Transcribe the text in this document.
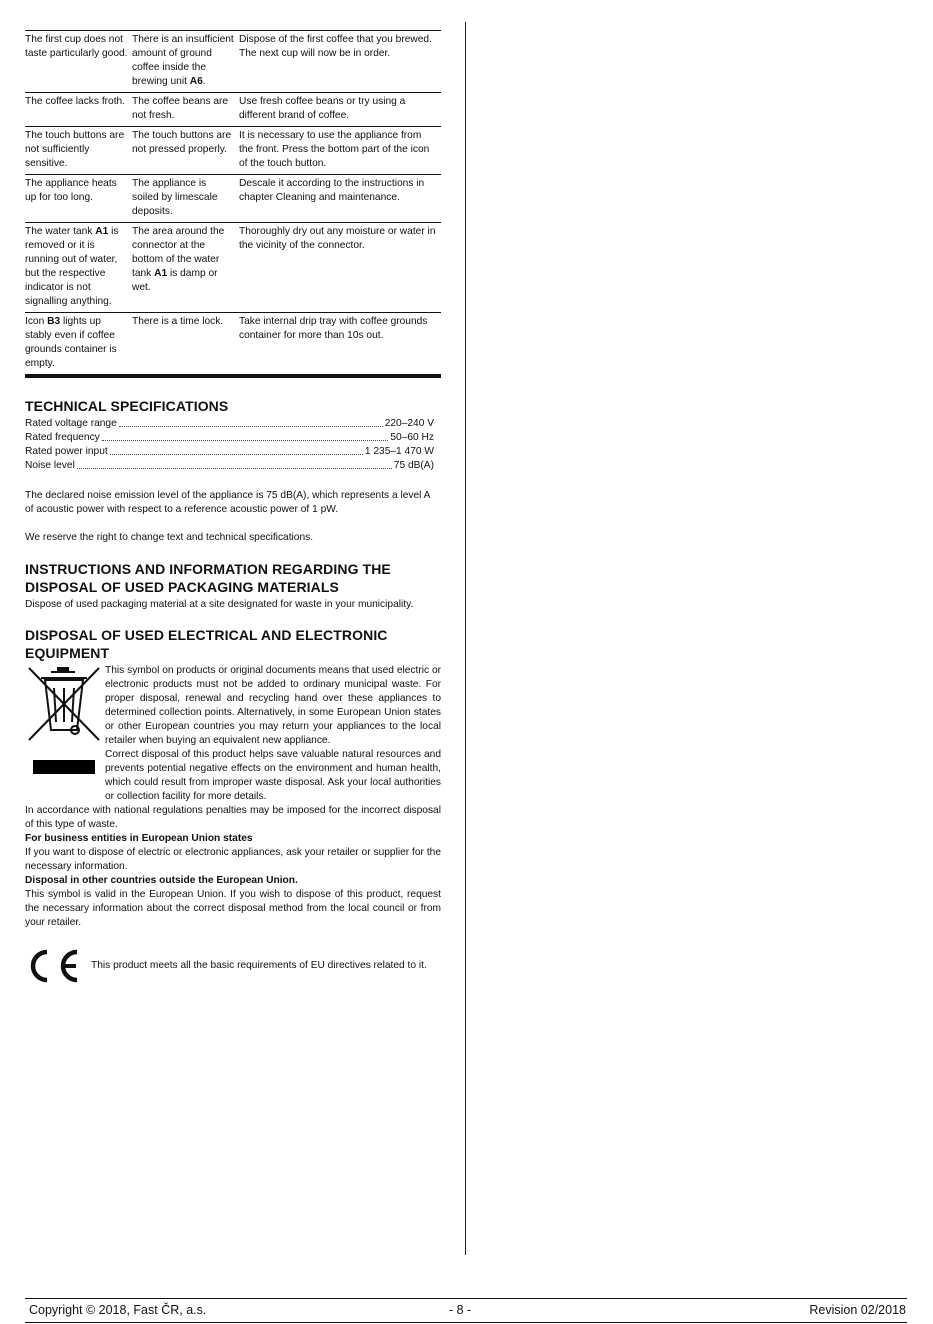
The first cup does not taste particularly good.	There is an insufficient amount of ground coffee inside the brewing unit A6.	Dispose of the first coffee that you brewed. The next cup will now be in order.
The coffee lacks froth.	The coffee beans are not fresh.	Use fresh coffee beans or try using a different brand of coffee.
The touch buttons are not sufficiently sensitive.	The touch buttons are not pressed properly.	It is necessary to use the appliance from the front. Press the bottom part of the icon of the touch button.
The appliance heats up for too long.	The appliance is soiled by limescale deposits.	Descale it according to the instructions in chapter Cleaning and maintenance.
The water tank A1 is removed or it is running out of water, but the respective indicator is not signalling anything.	The area around the connector at the bottom of the water tank A1 is damp or wet.	Thoroughly dry out any moisture or water in the vicinity of the connector.
Icon B3 lights up stably even if coffee grounds container is empty.	There is a time lock.	Take internal drip tray with coffee grounds container for more than 10s out.
TECHNICAL SPECIFICATIONS
Rated voltage range	220–240 V
Rated frequency	50–60 Hz
Rated power input	1 235–1 470 W
Noise level	75 dB(A)

The declared noise emission level of the appliance is 75 dB(A), which represents a level A of acoustic power with respect to a reference acoustic power of 1 pW.

We reserve the right to change text and technical specifications.

INSTRUCTIONS AND INFORMATION REGARDING THE DISPOSAL OF USED PACKAGING MATERIALS

Dispose of used packaging material at a site designated for waste in your municipality.

DISPOSAL OF USED ELECTRICAL AND ELECTRONIC EQUIPMENT
This symbol on products or original documents means that used electric or electronic products must not be added to ordinary municipal waste. For proper disposal, renewal and recycling hand over these appliances to determined collection points. Alternatively, in some European Union states or other European countries you may return your appliances to the local retailer when buying an equivalent new appliance.
Correct disposal of this product helps save valuable natural resources and prevents potential negative effects on the environment and human health, which could result from improper waste disposal. Ask your local authorities or collection facility for more details.

In accordance with national regulations penalties may be imposed for the incorrect disposal of this type of waste.

For business entities in European Union states

If you want to dispose of electric or electronic appliances, ask your retailer or supplier for the necessary information.

Disposal in other countries outside the European Union.

This symbol is valid in the European Union. If you wish to dispose of this product, request the necessary information about the correct disposal method from the local council or from your retailer.

This product meets all the basic requirements of EU directives related to it.
Copyright © 2018, Fast ČR, a.s.	- 8 -	Revision 02/2018
